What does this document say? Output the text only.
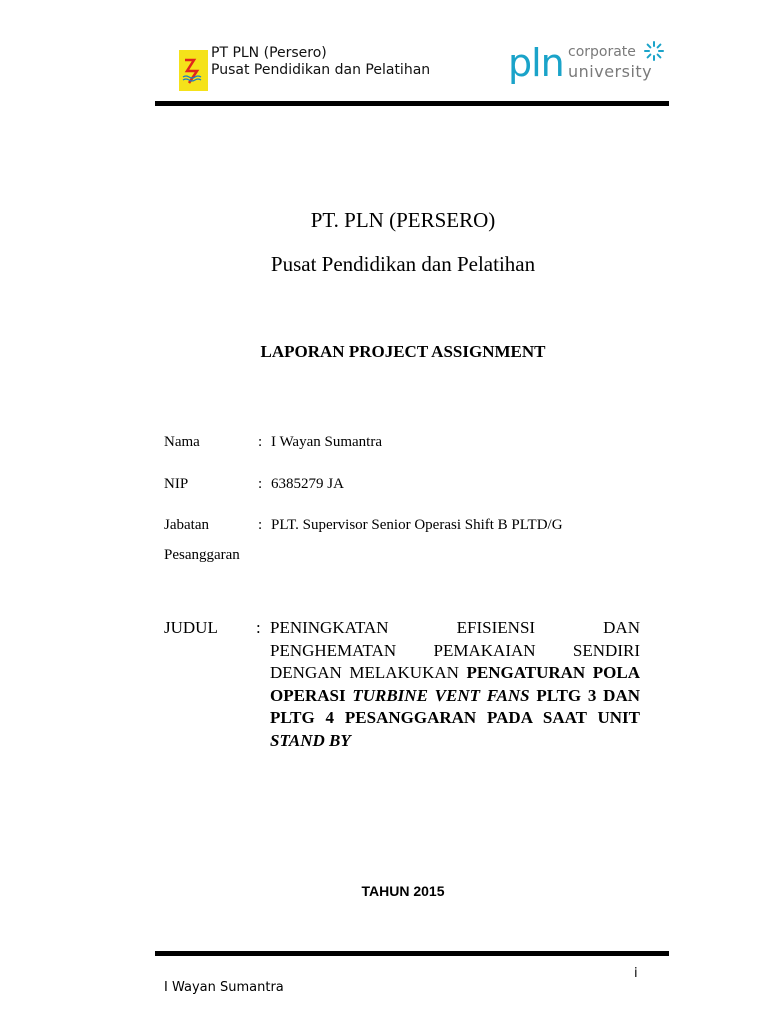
PT PLN (Persero)
Pusat Pendidikan dan Pelatihan pln corporate
university
PT. PLN (PERSERO)
Pusat Pendidikan dan Pelatihan
LAPORAN PROJECT ASSIGNMENT
Nama	: I Wayan Sumantra
NIP	: 6385279 JA
Jabatan	: PLT. Supervisor Senior Operasi Shift B PLTD/G
Pesanggaran
JUDUL : PENINGKATAN EFISIENSI DAN PENGHEMATAN PEMAKAIAN SENDIRI DENGAN MELAKUKAN PENGATURAN POLA OPERASI TURBINE VENT FANS PLTG 3 DAN PLTG 4 PESANGGARAN PADA SAAT UNIT STAND BY
TAHUN 2015
i
I Wayan Sumantra
